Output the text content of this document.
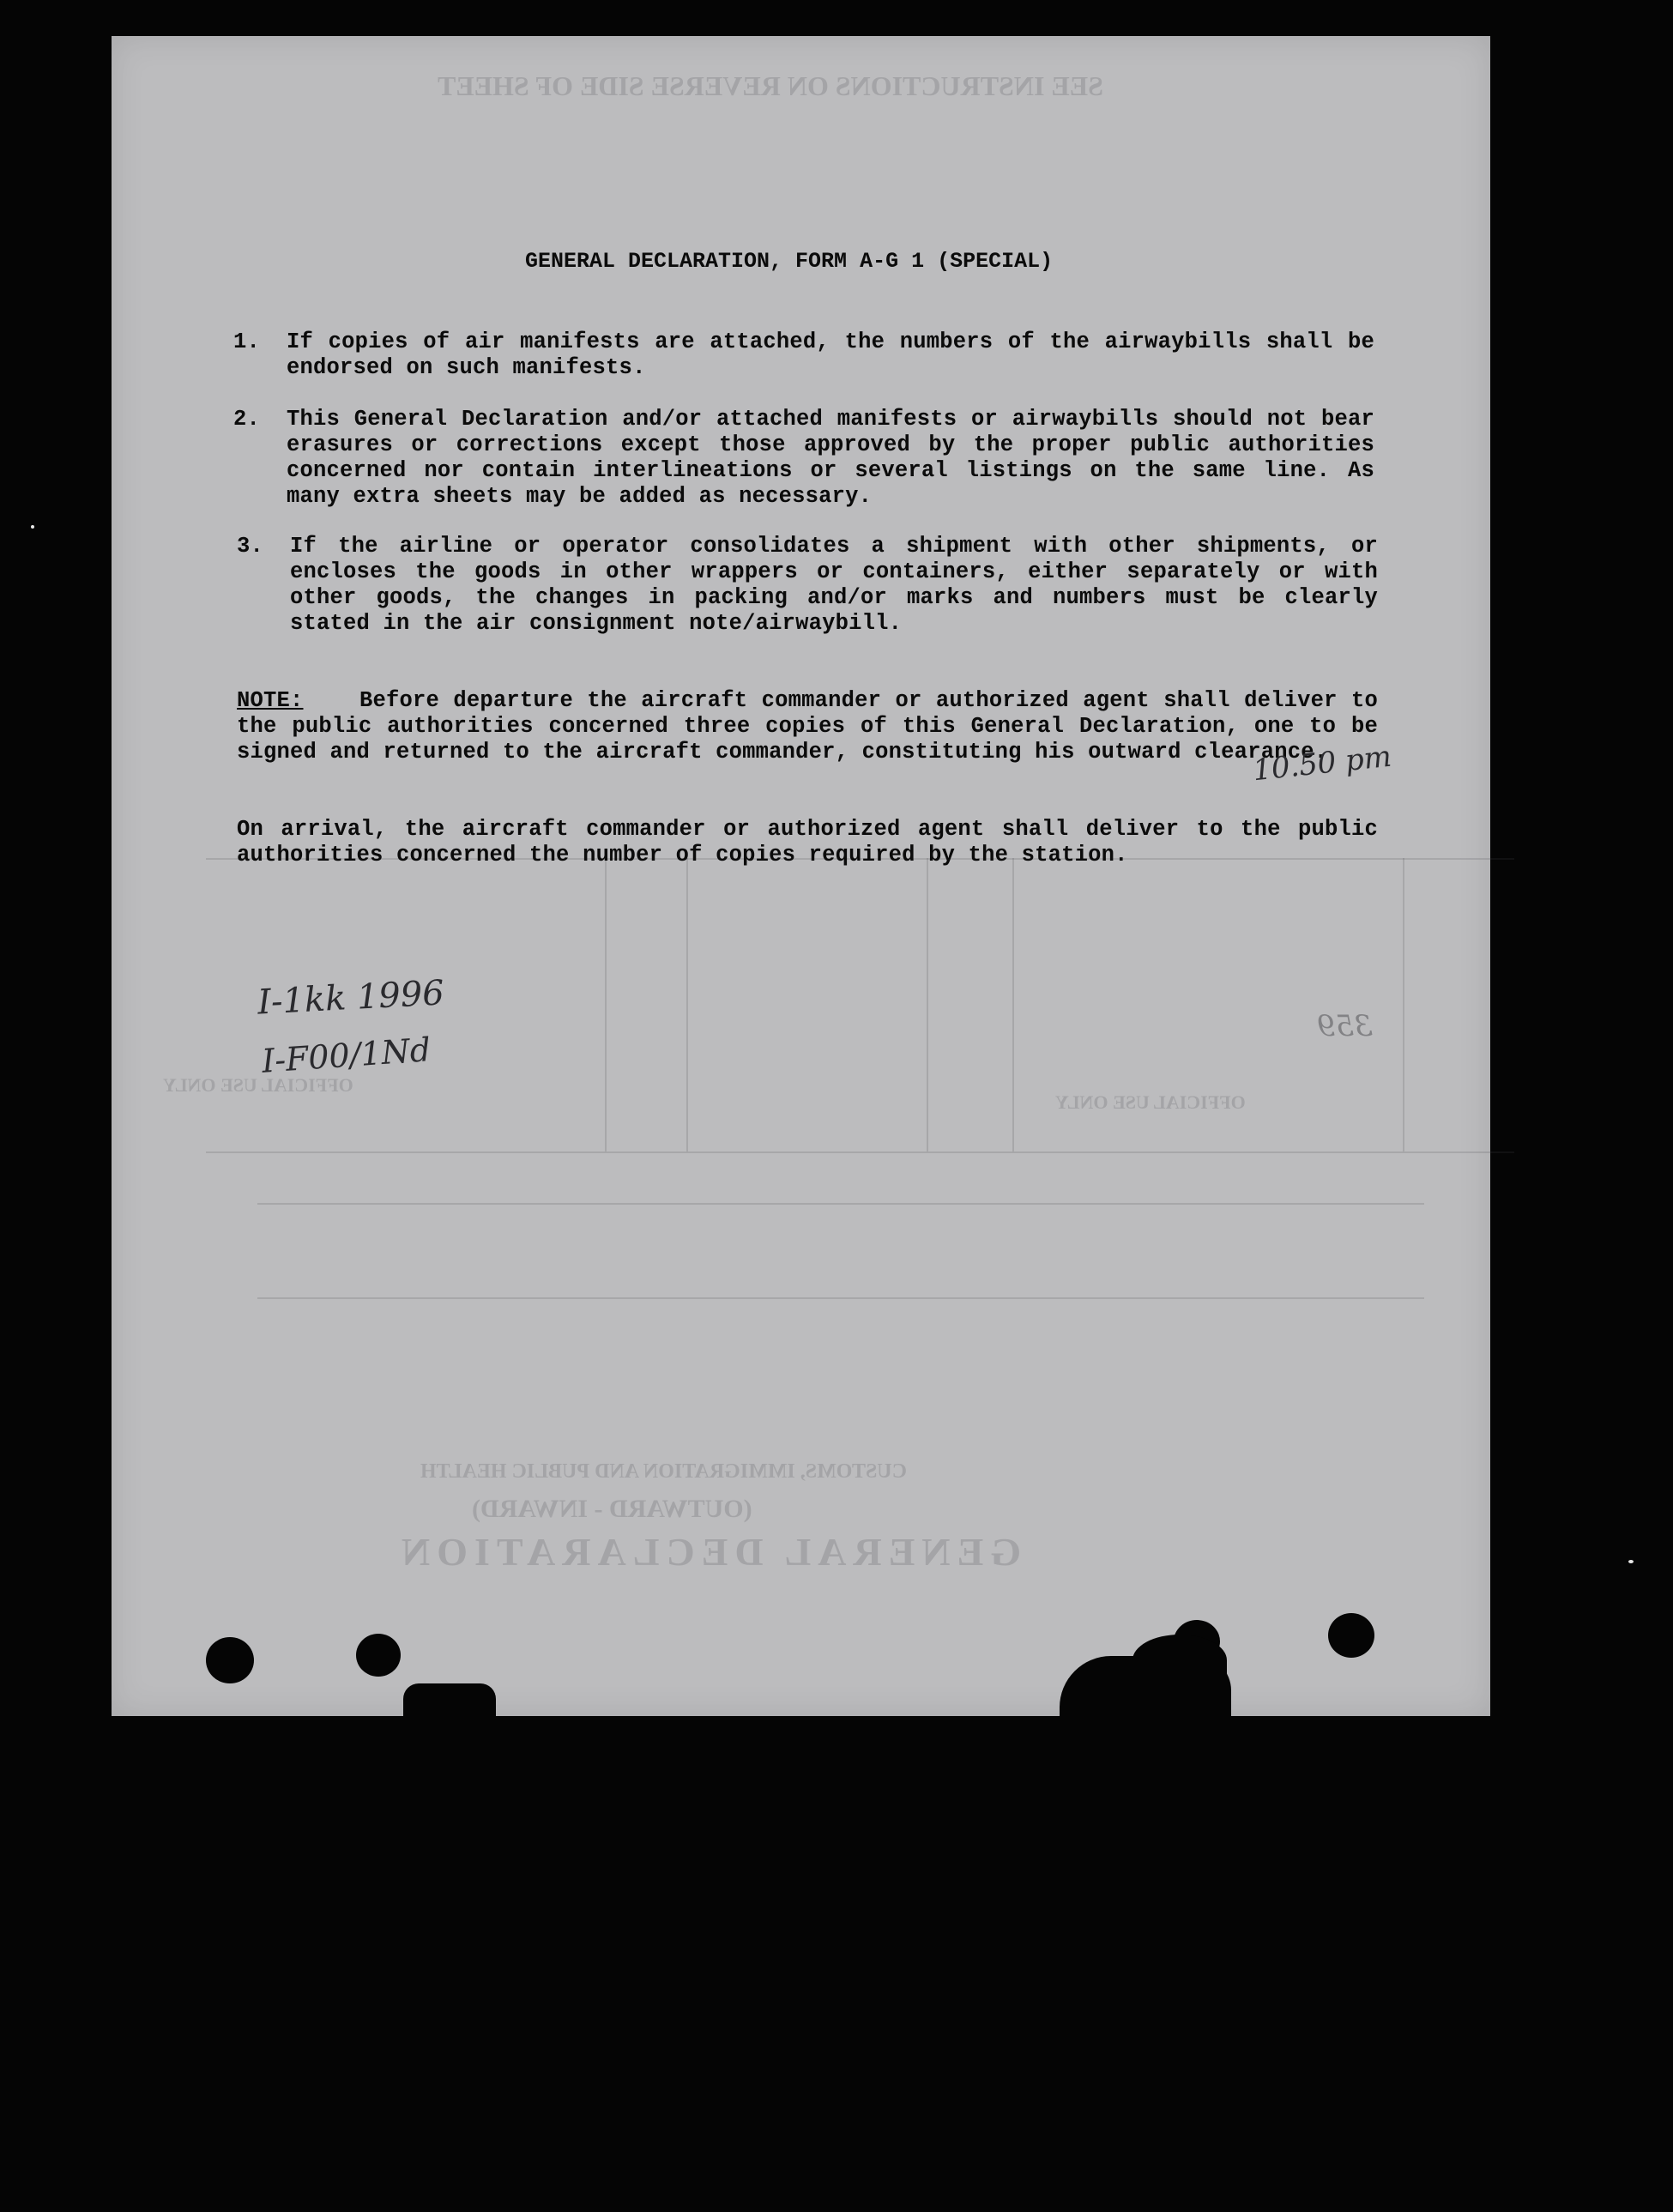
SEE INSTRUCTIONS ON REVERSE SIDE OF SHEET
CUSTOMS, IMMIGRATION AND PUBLIC HEALTH
(OUTWARD - INWARD)
GENERAL DECLARATION
OFFICIAL USE ONLY
OFFICIAL USE ONLY
GENERAL DECLARATION, FORM A-G 1 (SPECIAL)
1. If copies of air manifests are attached, the numbers of the airwaybills shall be endorsed on such manifests.
2. This General Declaration and/or attached manifests or airwaybills should not bear erasures or corrections except those approved by the proper public authorities concerned nor contain interlineations or several listings on the same line. As many extra sheets may be added as necessary.
3. If the airline or operator consolidates a shipment with other shipments, or encloses the goods in other wrappers or containers, either separately or with other goods, the changes in packing and/or marks and numbers must be clearly stated in the air consignment note/airwaybill.
NOTE:	Before departure the aircraft commander or authorized agent shall deliver to the public authorities concerned three copies of this General Declaration, one to be signed and returned to the aircraft commander, constituting his outward clearance.
On arrival, the aircraft commander or authorized agent shall deliver to the public authorities concerned the number of copies required by the station.
10.50 pm
I-1kk 1996
I-F00/1Nd
359
